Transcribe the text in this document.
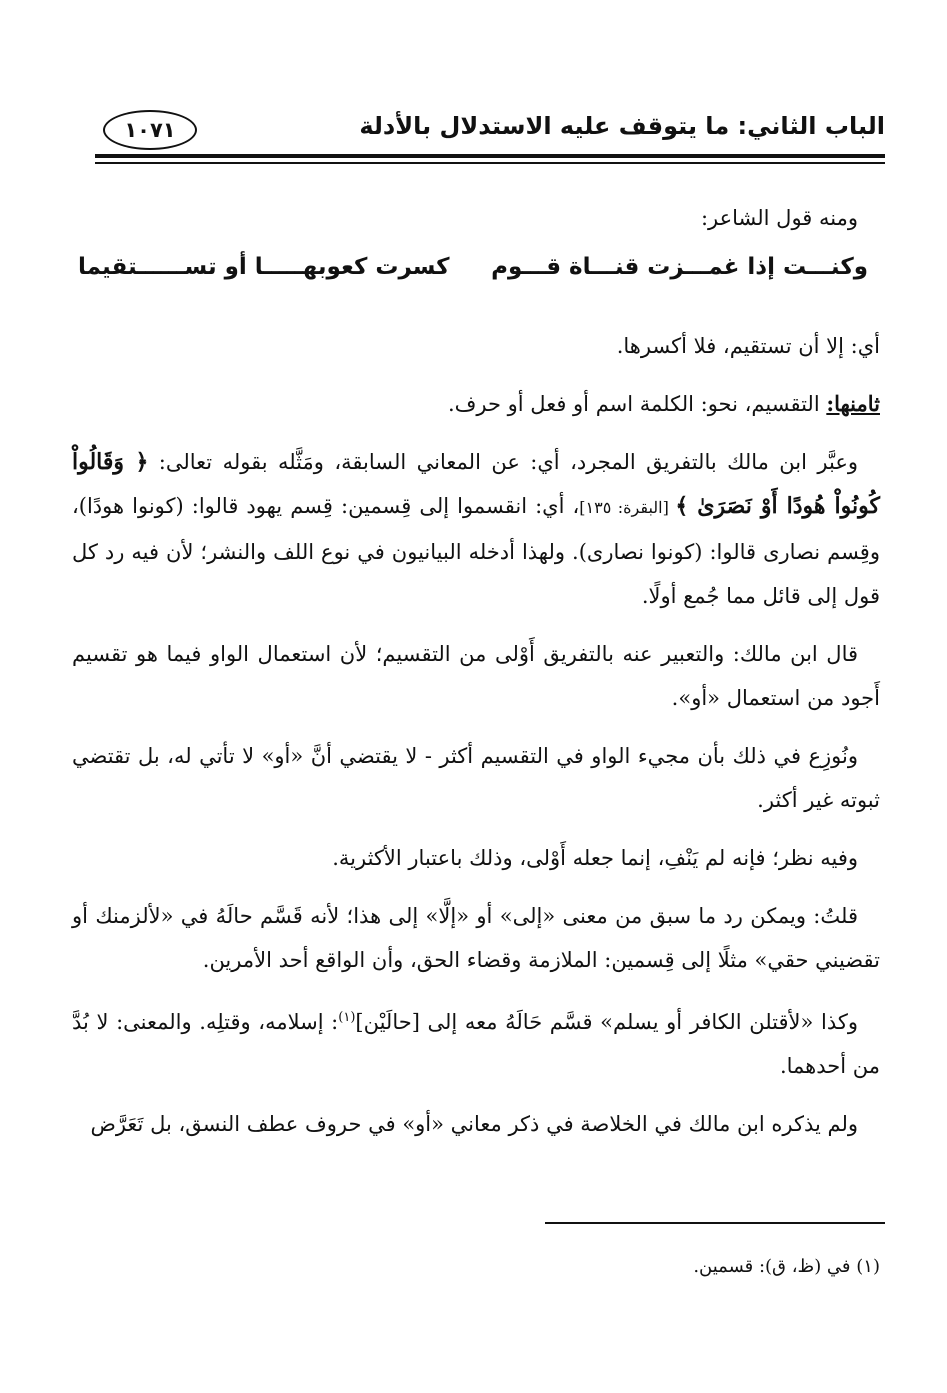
الباب الثاني: ما يتوقف عليه الاستدلال بالأدلة
١٠٧١

ومنه قول الشاعر:

وكنـــت إذا غمـــزت قنـــاة قـــوم
كسرت كعوبهـــــا أو تســــــتقيما

أي: إلا أن تستقيم، فلا أكسرها.

ثامنها: التقسيم، نحو: الكلمة اسم أو فعل أو حرف.

وعبَّر ابن مالك بالتفريق المجرد، أي: عن المعاني السابقة، ومَثَّله بقوله تعالى: ﴿ وَقَالُواْ كُونُواْ هُودًا أَوْ نَصَرَىٰ ﴾ [البقرة: ١٣٥]، أي: انقسموا إلى قِسمين: قِسم يهود قالوا: (كونوا هودًا)، وقِسم نصارى قالوا: (كونوا نصارى). ولهذا أدخله البيانيون في نوع اللف والنشر؛ لأن فيه رد كل قول إلى قائل مما جُمع أولًا.

قال ابن مالك: والتعبير عنه بالتفريق أَوْلى من التقسيم؛ لأن استعمال الواو فيما هو تقسيم أَجود من استعمال «أو».

ونُوزِع في ذلك بأن مجيء الواو في التقسيم أكثر - لا يقتضي أنَّ «أو» لا تأتي له، بل تقتضي ثبوته غير أكثر.

وفيه نظر؛ فإنه لم يَنْفِ، إنما جعله أَوْلى، وذلك باعتبار الأكثرية.

قلتُ: ويمكن رد ما سبق من معنى «إلى» أو «إلَّا» إلى هذا؛ لأنه قَسَّم حالَهُ في «لألزمنك أو تقضيني حقي» مثلًا إلى قِسمين: الملازمة وقضاء الحق، وأن الواقع أحد الأمرين.

وكذا «لأقتلن الكافر أو يسلم» قسَّم حَالَهُ معه إلى [حالَيْن]$^{(١)}$: إسلامه، وقتلِه. والمعنى: لا بُدَّ من أحدهما.

ولم يذكره ابن مالك في الخلاصة في ذكر معاني «أو» في حروف عطف النسق، بل تَعَرَّض

(١) في (ظ، ق): قسمين.
